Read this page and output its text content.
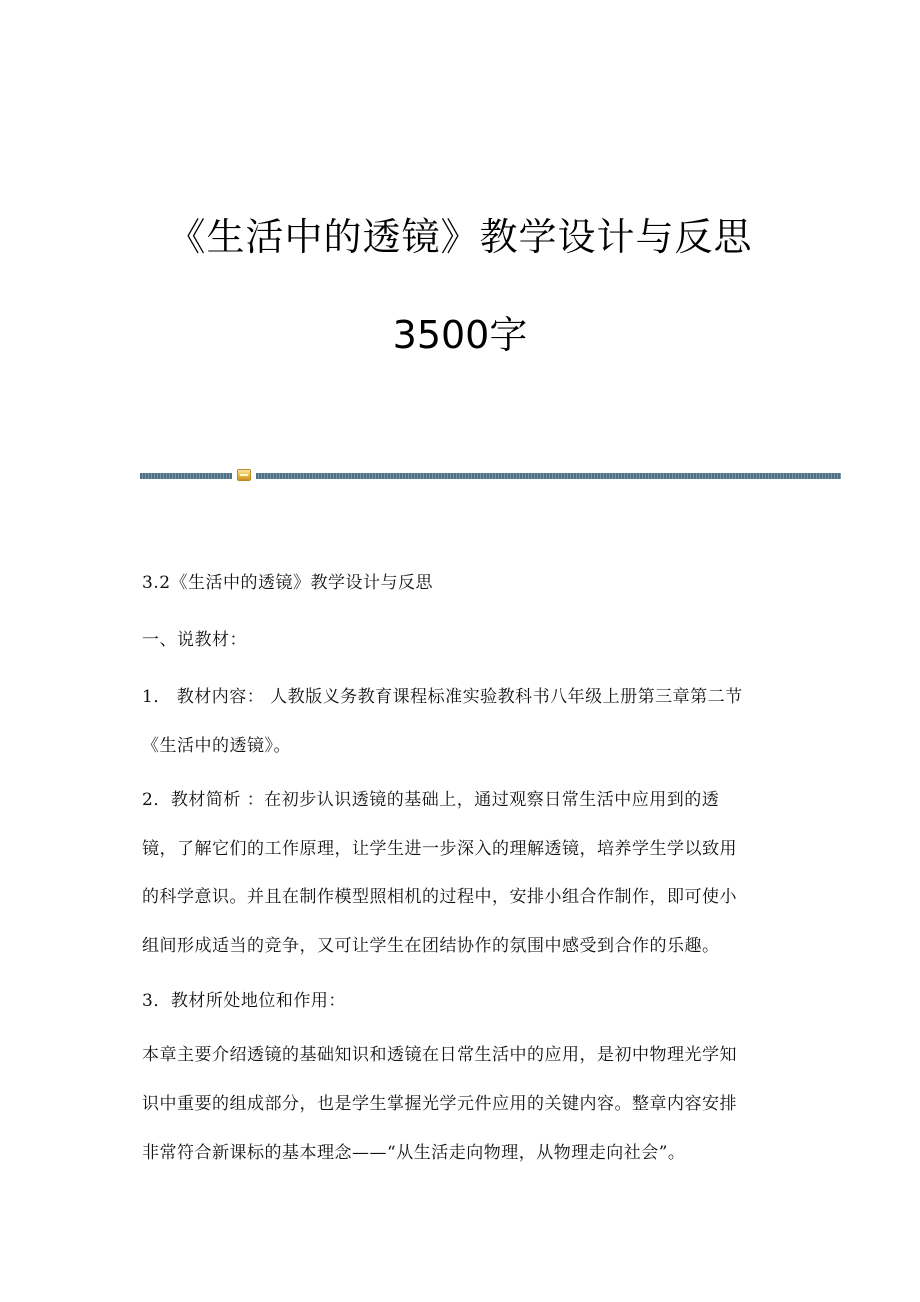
《生活中的透镜》教学设计与反思
3500字
3.2《生活中的透镜》教学设计与反思
一、说教材：
1． 教材内容： 人教版义务教育课程标准实验教科书八年级上册第三章第二节
《生活中的透镜》。
2．教材简析 ：在初步认识透镜的基础上，通过观察日常生活中应用到的透
镜，了解它们的工作原理，让学生进一步深入的理解透镜，培养学生学以致用
的科学意识。并且在制作模型照相机的过程中，安排小组合作制作，即可使小
组间形成适当的竞争，又可让学生在团结协作的氛围中感受到合作的乐趣。
3．教材所处地位和作用：
本章主要介绍透镜的基础知识和透镜在日常生活中的应用，是初中物理光学知
识中重要的组成部分，也是学生掌握光学元件应用的关键内容。整章内容安排
非常符合新课标的基本理念——“从生活走向物理，从物理走向社会”。
